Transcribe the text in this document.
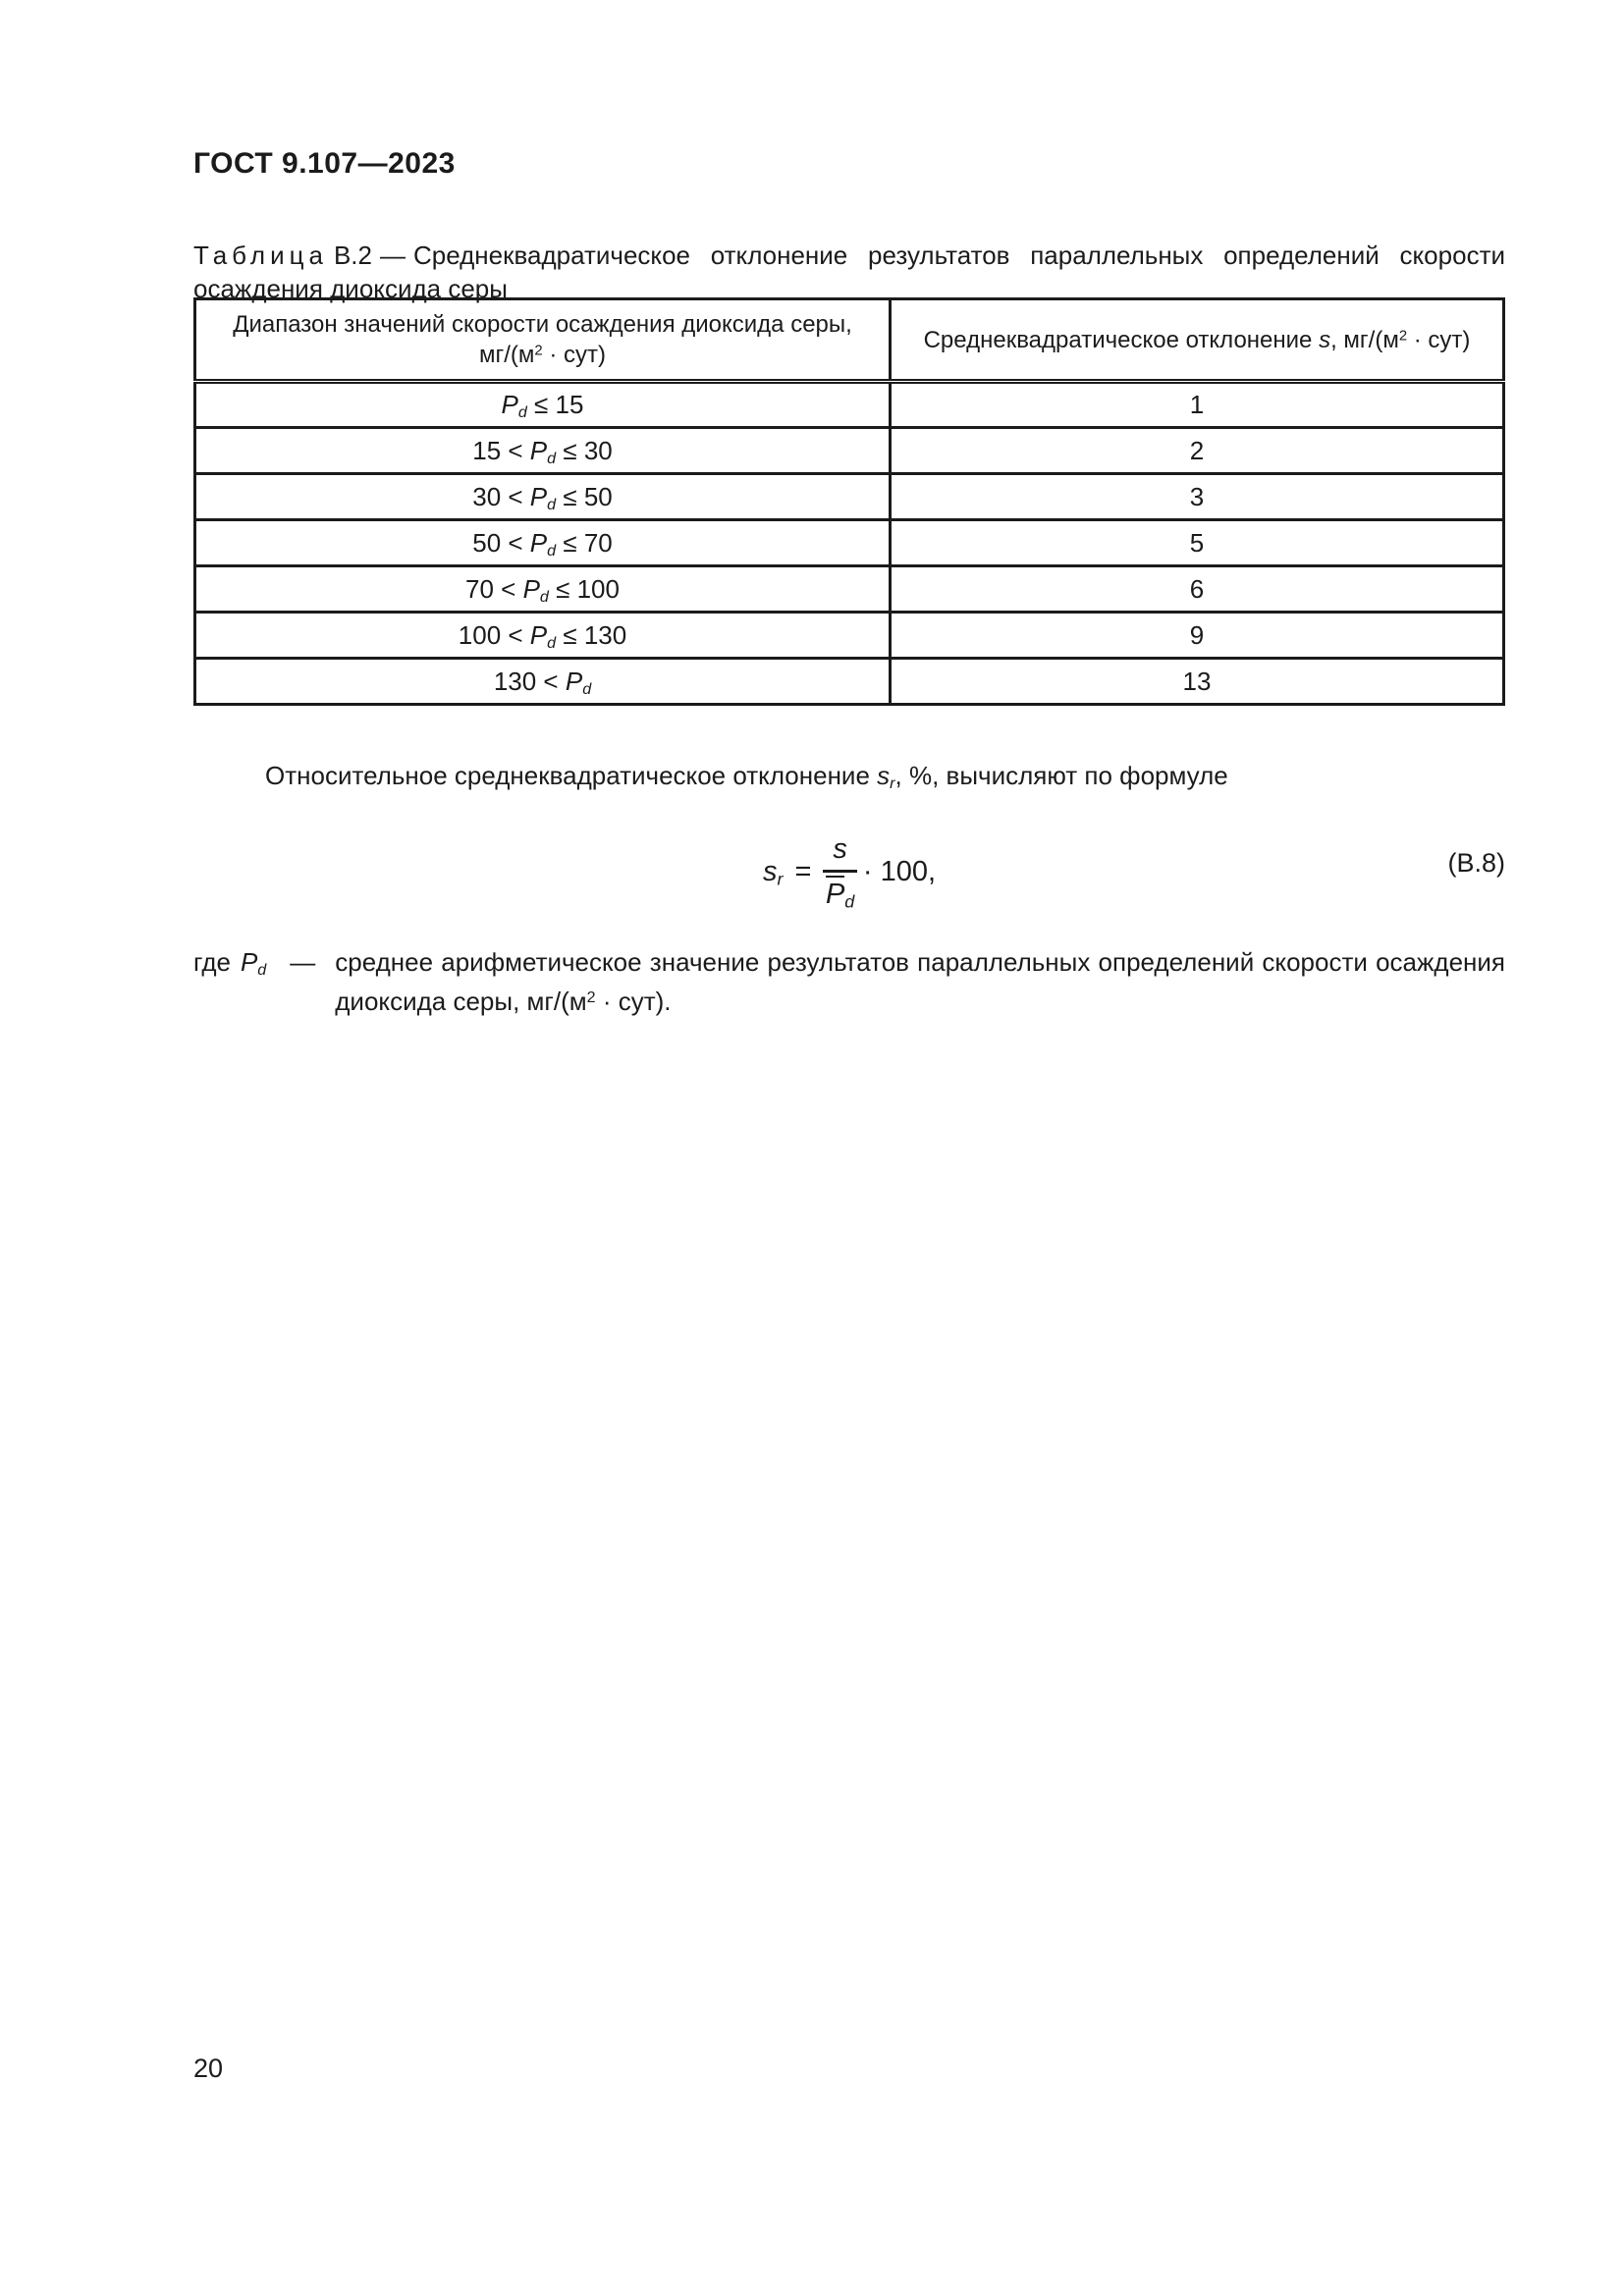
ГОСТ 9.107—2023
Таблица В.2 — Среднеквадратическое отклонение результатов параллельных определений скорости осаждения диоксида серы
Диапазон значений скорости осаждения диоксида серы,
$мг/(м^2 \cdot сут)$	Среднеквадратическое отклонение s, $мг/(м^2 \cdot сут)$
$P_d \le 15$	1
$15 < P_d \le 30$	2
$30 < P_d \le 50$	3
$50 < P_d \le 70$	5
$70 < P_d \le 100$	6
$100 < P_d \le 130$	9
$130 < P_d$	13
Относительное среднеквадратическое отклонение $s_r$, %, вычисляют по формуле
$s_r = \frac{s}{P_d} \cdot 100$,	(В.8)
где $P_d$ — среднее арифметическое значение результатов параллельных определений скорости осаждения диоксида серы, $мг/(м^2 \cdot сут)$.
20
